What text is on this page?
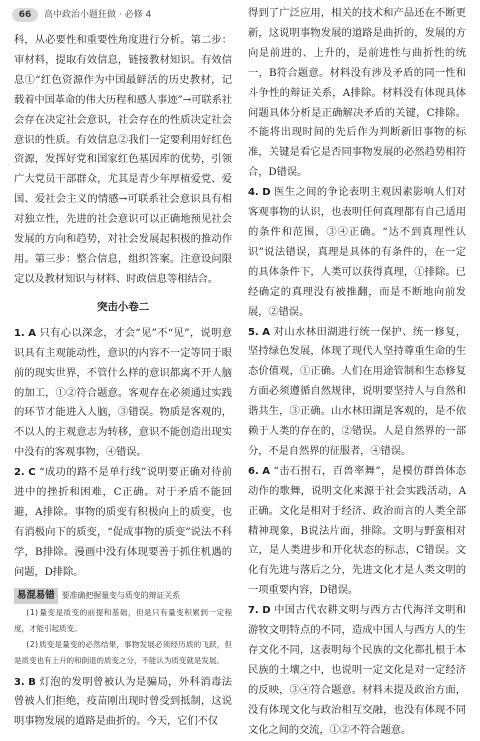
66	高中政治小题狂做 · 必修 4

科，从必要性和重要性角度进行分析。第二步：审材料，提取有效信息，链接教材知识。有效信息①“红色资源作为中国最鲜活的历史教材，记载着中国革命的伟大历程和感人事迹”→可联系社会存在决定社会意识，社会存在的性质决定社会意识的性质。有效信息②我们一定要利用好红色资源，发挥好党和国家红色基因库的优势，引领广大党员干部群众，尤其是青少年厚植爱党、爱国、爱社会主义的情感→可联系社会意识具有相对独立性，先进的社会意识可以正确地预见社会发展的方向和趋势，对社会发展起积极的推动作用。第三步：整合信息，组织答案。注意设问限定以及教材知识与材料、时政信息等相结合。

突击小卷二

1. A 只有心以深念，才会“见”不“见”，说明意识具有主观能动性，意识的内容不一定等同于眼前的现实世界，不管什么样的意识都离不开人脑的加工，①②符合题意。客观存在必须通过实践的环节才能进入人脑，③错误。物质是客观的，不以人的主观意志为转移，意识不能创造出现实中没有的客观事物，④错误。

2. C “成功的路不是单行线”说明要正确对待前进中的挫折和困难，C正确。对于矛盾不能回避，A排除。事物的质变有积极向上的质变，也有消极向下的质变，“促成事物的质变”说法不科学，B排除。漫画中没有体现要善于抓住机遇的问题，D排除。

易混易错 要准确把握量变与质变的辩证关系

(1)量变是质变的前提和基础，但是只有量变积累到一定程度，才能引起质变。

(2)质变是量变的必然结果，事物发展必须经历质的飞跃，但是质变也有上升的和倒退的质变之分，不能认为质变就是发展。

3. B 灯泡的发明曾被认为是骗局，外科消毒法曾被人们拒绝，疫苗刚出现时曾受到抵制，这说明事物发展的道路是曲折的。今天，它们不仅

得到了广泛应用，相关的技术和产品还在不断更新，这说明事物发展的道路是曲折的，发展的方向是前进的、上升的，是前进性与曲折性的统一，B符合题意。材料没有涉及矛盾的同一性和斗争性的辩证关系，A排除。材料没有体现具体问题具体分析是正确解决矛盾的关键，C排除。不能将出现时间的先后作为判断新旧事物的标准，关键是看它是否同事物发展的必然趋势相符合，D错误。

4. D 医生之间的争论表明主观因素影响人们对客观事物的认识，也表明任何真理都有自己适用的条件和范围，③④正确。“达不到真理性认识”说法错误，真理是具体的有条件的，在一定的具体条件下，人类可以获得真理，①排除。已经确定的真理没有被推翻，而是不断地向前发展，②错误。

5. A 对山水林田湖进行统一保护、统一修复，坚持绿色发展，体现了现代人坚持尊重生命的生态价值观，①正确。人们在用途管制和生态修复方面必须遵循自然规律，说明要坚持人与自然和谐共生，③正确。山水林田湖是客观的，是不依赖于人类的存在的，②错误。人是自然界的一部分，不是自然界的征服者，④错误。

6. A “击石拊石，百兽率舞”，是模仿群兽体态动作的歌舞，说明文化来源于社会实践活动，A正确。文化是相对于经济、政治而言的人类全部精神现象，B说法片面，排除。文明与野蛮相对立，是人类进步和开化状态的标志，C错误。文化有先进与落后之分，先进文化才是人类文明的一项重要内容，D错误。

7. D 中国古代农耕文明与西方古代海洋文明和游牧文明特点的不同，造成中国人与西方人的生存文化不同，这表明每个民族的文化都扎根于本民族的土壤之中，也说明一定文化是对一定经济的反映，③④符合题意。材料未提及政治方面，没有体现文化与政治相互交融，也没有体现不同文化之间的交流，①②不符合题意。
